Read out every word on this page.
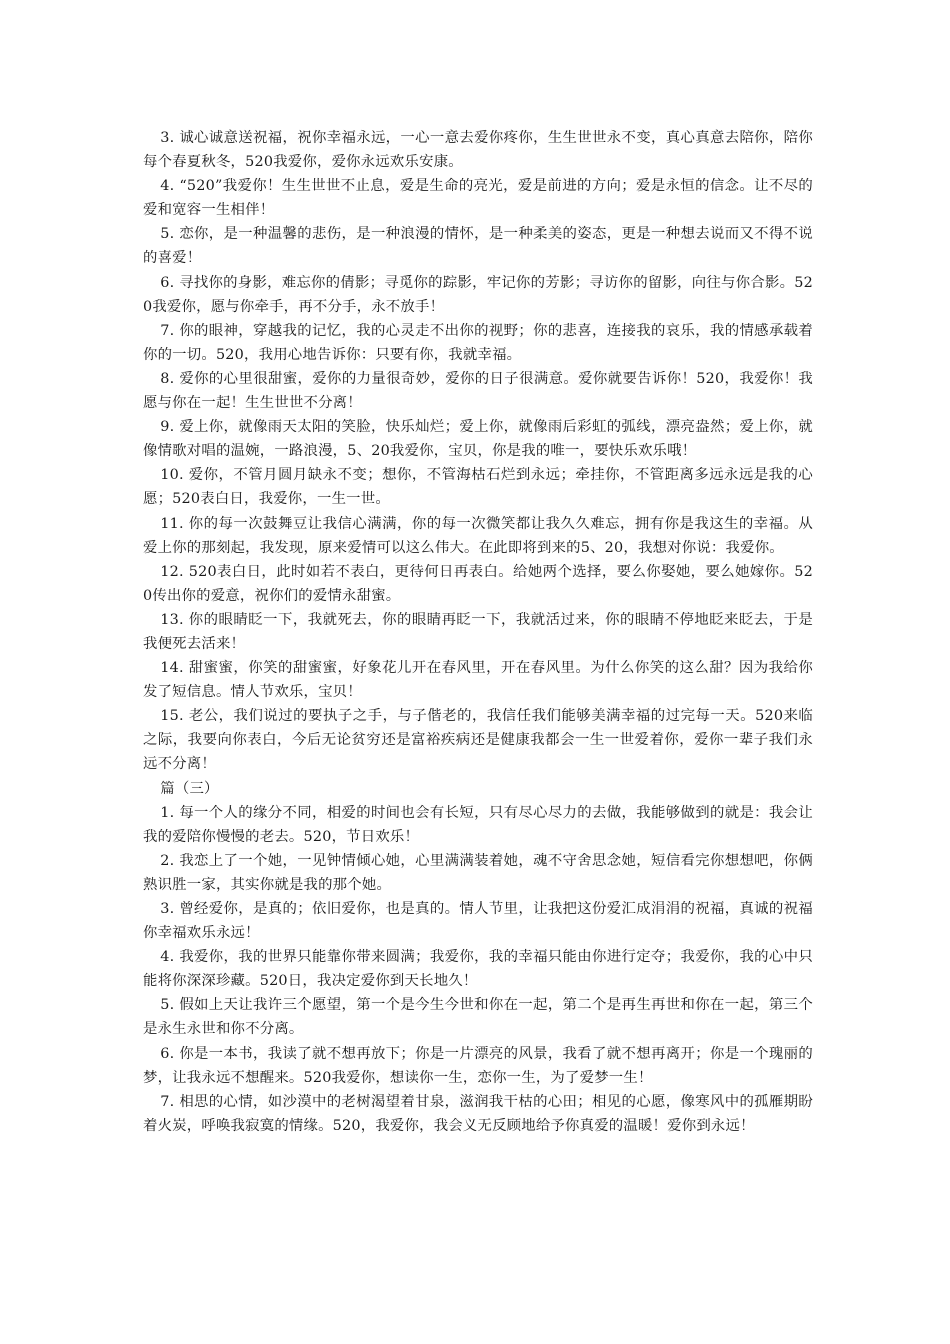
3. 诚心诚意送祝福，祝你幸福永远，一心一意去爱你疼你，生生世世永不变，真心真意去陪你，陪你每个春夏秋冬，520我爱你，爱你永远欢乐安康。

4. “520”我爱你！生生世世不止息，爱是生命的亮光，爱是前进的方向；爱是永恒的信念。让不尽的爱和宽容一生相伴！

5. 恋你，是一种温馨的悲伤，是一种浪漫的情怀，是一种柔美的姿态，更是一种想去说而又不得不说的喜爱！

6. 寻找你的身影，难忘你的倩影；寻觅你的踪影，牢记你的芳影；寻访你的留影，向往与你合影。520我爱你，愿与你牵手，再不分手，永不放手！

7. 你的眼神，穿越我的记忆，我的心灵走不出你的视野；你的悲喜，连接我的哀乐，我的情感承载着你的一切。520，我用心地告诉你：只要有你，我就幸福。

8. 爱你的心里很甜蜜，爱你的力量很奇妙，爱你的日子很满意。爱你就要告诉你！520，我爱你！我愿与你在一起！生生世世不分离！

9. 爱上你，就像雨天太阳的笑脸，快乐灿烂；爱上你，就像雨后彩虹的弧线，漂亮盎然；爱上你，就像情歌对唱的温婉，一路浪漫，5、20我爱你，宝贝，你是我的唯一，要快乐欢乐哦！

10. 爱你，不管月圆月缺永不变；想你，不管海枯石烂到永远；牵挂你，不管距离多远永远是我的心愿；520表白日，我爱你，一生一世。

11. 你的每一次鼓舞豆让我信心满满，你的每一次微笑都让我久久难忘，拥有你是我这生的幸福。从爱上你的那刻起，我发现，原来爱情可以这么伟大。在此即将到来的5、20，我想对你说：我爱你。

12. 520表白日，此时如若不表白，更待何日再表白。给她两个选择，要么你娶她，要么她嫁你。520传出你的爱意，祝你们的爱情永甜蜜。

13. 你的眼睛眨一下，我就死去，你的眼睛再眨一下，我就活过来，你的眼睛不停地眨来眨去，于是我便死去活来！

14. 甜蜜蜜，你笑的甜蜜蜜，好象花儿开在春风里，开在春风里。为什么你笑的这么甜？因为我给你发了短信息。情人节欢乐，宝贝！

15. 老公，我们说过的要执子之手，与子偕老的，我信任我们能够美满幸福的过完每一天。520来临之际，我要向你表白，今后无论贫穷还是富裕疾病还是健康我都会一生一世爱着你，爱你一辈子我们永远不分离！

篇（三）

1. 每一个人的缘分不同，相爱的时间也会有长短，只有尽心尽力的去做，我能够做到的就是：我会让我的爱陪你慢慢的老去。520，节日欢乐！

2. 我恋上了一个她，一见钟情倾心她，心里满满装着她，魂不守舍思念她，短信看完你想想吧，你俩熟识胜一家，其实你就是我的那个她。

3. 曾经爱你，是真的；依旧爱你，也是真的。情人节里，让我把这份爱汇成涓涓的祝福，真诚的祝福你幸福欢乐永远！

4. 我爱你，我的世界只能靠你带来圆满；我爱你，我的幸福只能由你进行定夺；我爱你，我的心中只能将你深深珍藏。520日，我决定爱你到天长地久！

5. 假如上天让我许三个愿望，第一个是今生今世和你在一起，第二个是再生再世和你在一起，第三个是永生永世和你不分离。

6. 你是一本书，我读了就不想再放下；你是一片漂亮的风景，我看了就不想再离开；你是一个瑰丽的梦，让我永远不想醒来。520我爱你，想读你一生，恋你一生，为了爱梦一生！

7. 相思的心情，如沙漠中的老树渴望着甘泉，滋润我干枯的心田；相见的心愿，像寒风中的孤雁期盼着火炭，呼唤我寂寞的情缘。520，我爱你，我会义无反顾地给予你真爱的温暖！爱你到永远！
